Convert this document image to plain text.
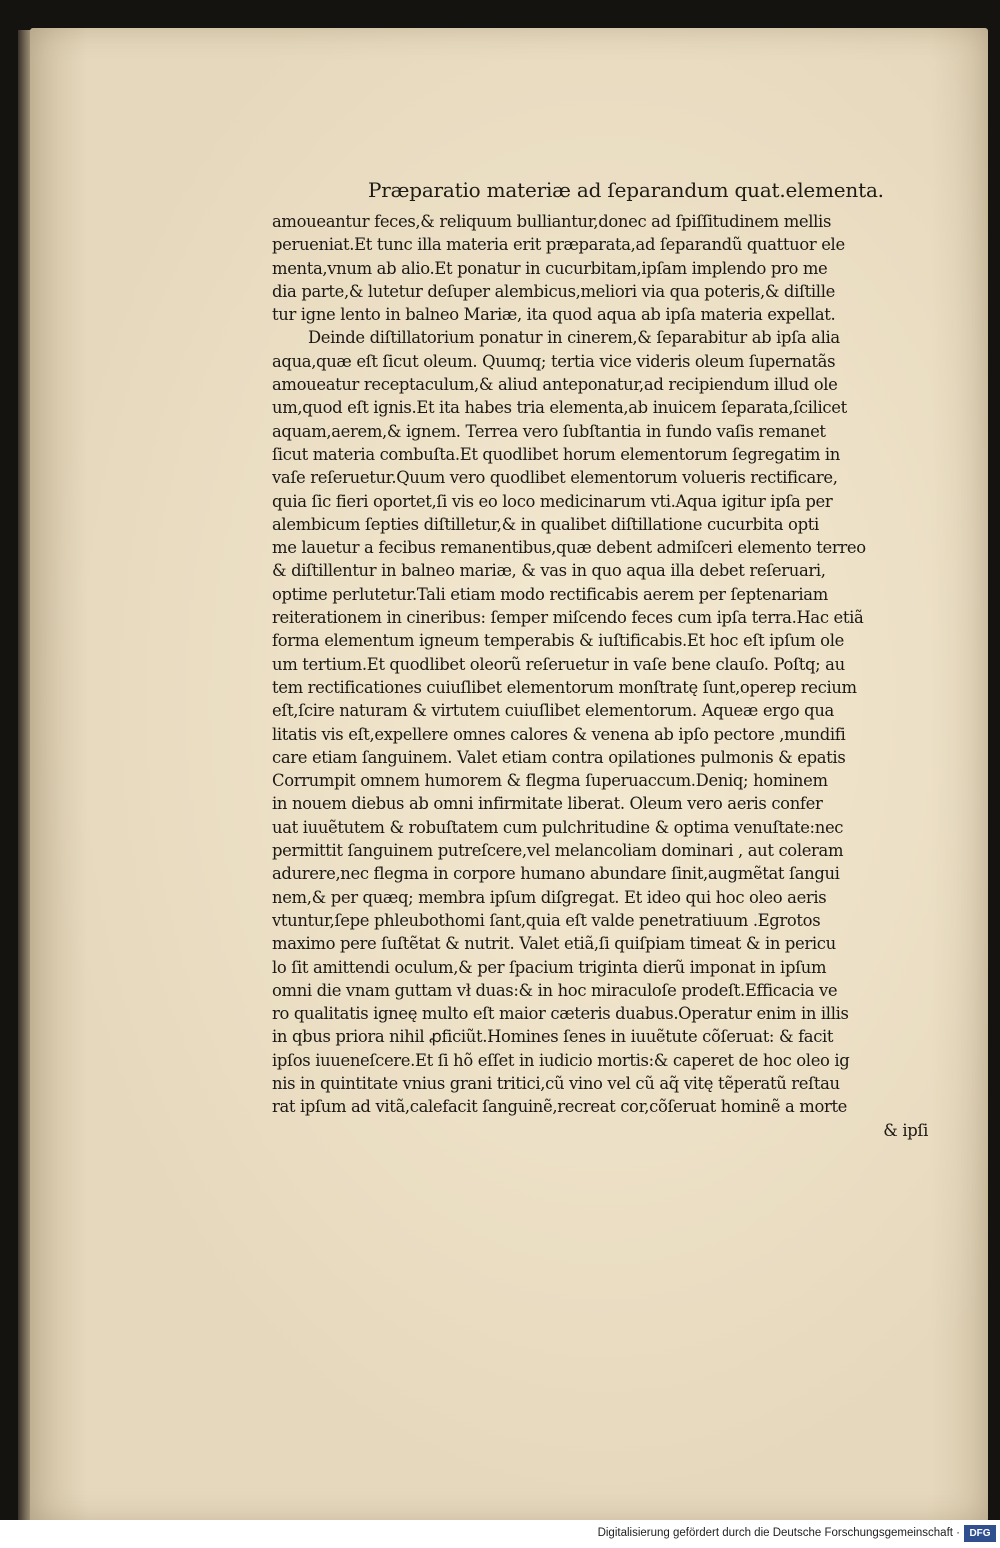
Præparatio materiæ ad ſeparandum quat.elementa.
amoueantur feces,& reliquum bulliantur,donec ad ſpiſſitudinem mellis
perueniat.Et tunc illa materia erit præparata,ad ſeparandũ quattuor ele
menta,vnum ab alio.Et ponatur in cucurbitam,ipſam implendo pro me
dia parte,& lutetur deſuper alembicus,meliori via qua poteris,& diſtille
tur igne lento in balneo Mariæ, ita quod aqua ab ipſa materia expellat.
Deinde diſtillatorium ponatur in cinerem,& ſeparabitur ab ipſa alia
aqua,quæ eſt ſicut oleum. Quumq; tertia vice videris oleum ſupernatãs
amoueatur receptaculum,& aliud anteponatur,ad recipiendum illud ole
um,quod eſt ignis.Et ita habes tria elementa,ab inuicem ſeparata,ſcilicet
aquam,aerem,& ignem. Terrea vero ſubſtantia in fundo vaſis remanet
ſicut materia combuſta.Et quodlibet horum elementorum ſegregatim in
vaſe reſeruetur.Quum vero quodlibet elementorum volueris rectificare,
quia ſic fieri oportet,ſi vis eo loco medicinarum vti.Aqua igitur ipſa per
alembicum ſepties diſtilletur,& in qualibet diſtillatione cucurbita opti
me lauetur a fecibus remanentibus,quæ debent admiſceri elemento terreo
& diſtillentur in balneo mariæ, & vas in quo aqua illa debet reſeruari,
optime perlutetur.Tali etiam modo rectificabis aerem per ſeptenariam
reiterationem in cineribus: ſemper miſcendo feces cum ipſa terra.Hac etiã
forma elementum igneum temperabis & iuſtificabis.Et hoc eſt ipſum ole
um tertium.Et quodlibet oleorũ reſeruetur in vaſe bene clauſo. Poſtq; au
tem rectificationes cuiuſlibet elementorum monſtratę ſunt,operep recium
eſt,ſcire naturam & virtutem cuiuſlibet elementorum. Aqueæ ergo qua
litatis vis eſt,expellere omnes calores & venena ab ipſo pectore ,mundifi
care etiam ſanguinem. Valet etiam contra opilationes pulmonis & epatis
Corrumpit omnem humorem & flegma ſuperuaccum.Deniq; hominem
in nouem diebus ab omni infirmitate liberat. Oleum vero aeris confer
uat iuuẽtutem & robuſtatem cum pulchritudine & optima venuſtate:nec
permittit ſanguinem putreſcere,vel melancoliam dominari , aut coleram
adurere,nec flegma in corpore humano abundare ſinit,augmẽtat ſangui
nem,& per quæq; membra ipſum diſgregat. Et ideo qui hoc oleo aeris
vtuntur,ſepe phleubothomi ſant,quia eſt valde penetratiuum .Egrotos
maximo pere ſuſtẽtat & nutrit. Valet etiã,ſi quiſpiam timeat & in pericu
lo ſit amittendi oculum,& per ſpacium triginta dierũ imponat in ipſum
omni die vnam guttam vł duas:& in hoc miraculoſe prodeſt.Efficacia ve
ro qualitatis igneę multo eſt maior cæteris duabus.Operatur enim in illis
in qbus priora nihil ꝓficiũt.Homines ſenes in iuuẽtute cõſeruat: & facit
ipſos iuueneſcere.Et ſi hõ eſſet in iudicio mortis:& caperet de hoc oleo ig
nis in quintitate vnius grani tritici,cũ vino vel cũ aq̃ vitę tẽperatũ reſtau
rat ipſum ad vitã,calefacit ſanguinẽ,recreat cor,cõſeruat hominẽ a morte
& ipſi
Digitalisierung gefördert durch die Deutsche Forschungsgemeinschaft · DFG
